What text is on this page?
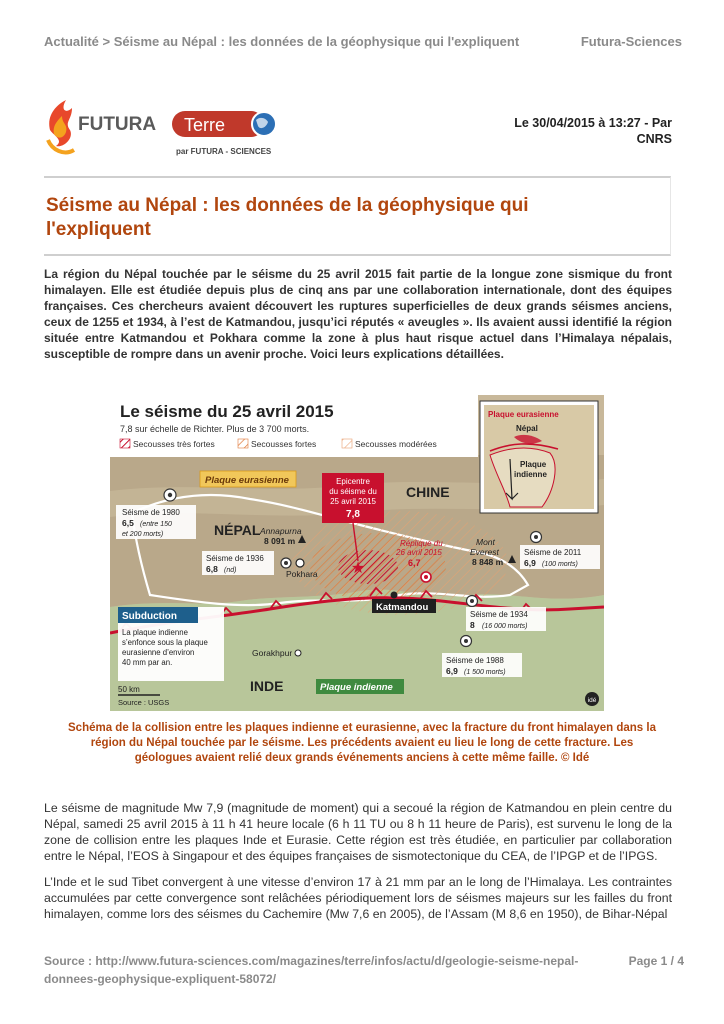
Actualité > Séisme au Népal : les données de la géophysique qui l'expliquent	Futura-Sciences
FUTURA Terre
par FUTURA - SCIENCES
Le 30/04/2015 à 13:27 - Par
CNRS
Séisme au Népal : les données de la géophysique qui
l'expliquent
La région du Népal touchée par le séisme du 25 avril 2015 fait partie de la longue zone sismique du front himalayen. Elle est étudiée depuis plus de cinq ans par une collaboration internationale, dont des équipes françaises. Ces chercheurs avaient découvert les ruptures superficielles de deux grands séismes anciens, ceux de 1255 et 1934, à l’est de Katmandou, jusqu’ici réputés « aveugles ». Ils avaient aussi identifié la région située entre Katmandou et Pokhara comme la zone à plus haut risque actuel dans l’Himalaya népalais, susceptible de rompre dans un avenir proche. Voici leurs explications détaillées.
Le séisme du 25 avril 2015
7,8 sur échelle de Richter. Plus de 3 700 morts.
Secousses très fortes	Secousses fortes	Secousses modérées
Plaque eurasienne
CHINE
NÉPAL
INDE
Epicentre
du séisme du
25 avril 2015
7,8
★
Réplique du
26 avril 2015
6,7
Annapurna
8 091 m	Mont
Everest
8 848 m
Pokhara
Katmandou
Gorakhpur
Séisme de 1980
6,5 (entre 150
et 200 morts)
Séisme de 1936
6,8 (nd)
Séisme de 2011
6,9 (100 morts)
Séisme de 1934
8 (16 000 morts)
Séisme de 1988
6,9 (1 500 morts)
Subduction
La plaque indienne
s’enfonce sous la plaque
eurasienne d’environ
40 mm par an.
Plaque indienne
50 km
Source : USGS	idé
Plaque eurasienne
Népal
Plaque
indienne
Schéma de la collision entre les plaques indienne et eurasienne, avec la fracture du front himalayen dans la région du Népal touchée par le séisme. Les précédents avaient eu lieu le long de cette fracture. Les géologues avaient relié deux grands événements anciens à cette même faille. © Idé

Le séisme de magnitude Mw 7,9 (magnitude de moment) qui a secoué la région de Katmandou en plein centre du Népal, samedi 25 avril 2015 à 11 h 41 heure locale (6 h 11 TU ou 8 h 11 heure de Paris), est survenu le long de la zone de collision entre les plaques Inde et Eurasie. Cette région est très étudiée, en particulier par collaboration entre le Népal, l’EOS à Singapour et des équipes françaises de sismotectonique du CEA, de l’IPGP et de l’IPGS.

L’Inde et le sud Tibet convergent à une vitesse d’environ 17 à 21 mm par an le long de l’Himalaya. Les contraintes accumulées par cette convergence sont relâchées périodiquement lors de séismes majeurs sur les failles du front himalayen, comme lors des séismes du Cachemire (Mw 7,6 en 2005), de l’Assam (M 8,6 en 1950), de Bihar-Népal

Source : http://www.futura-sciences.com/magazines/terre/infos/actu/d/geologie-seisme-nepal-
donnees-geophysique-expliquent-58072/
Page 1 / 4
